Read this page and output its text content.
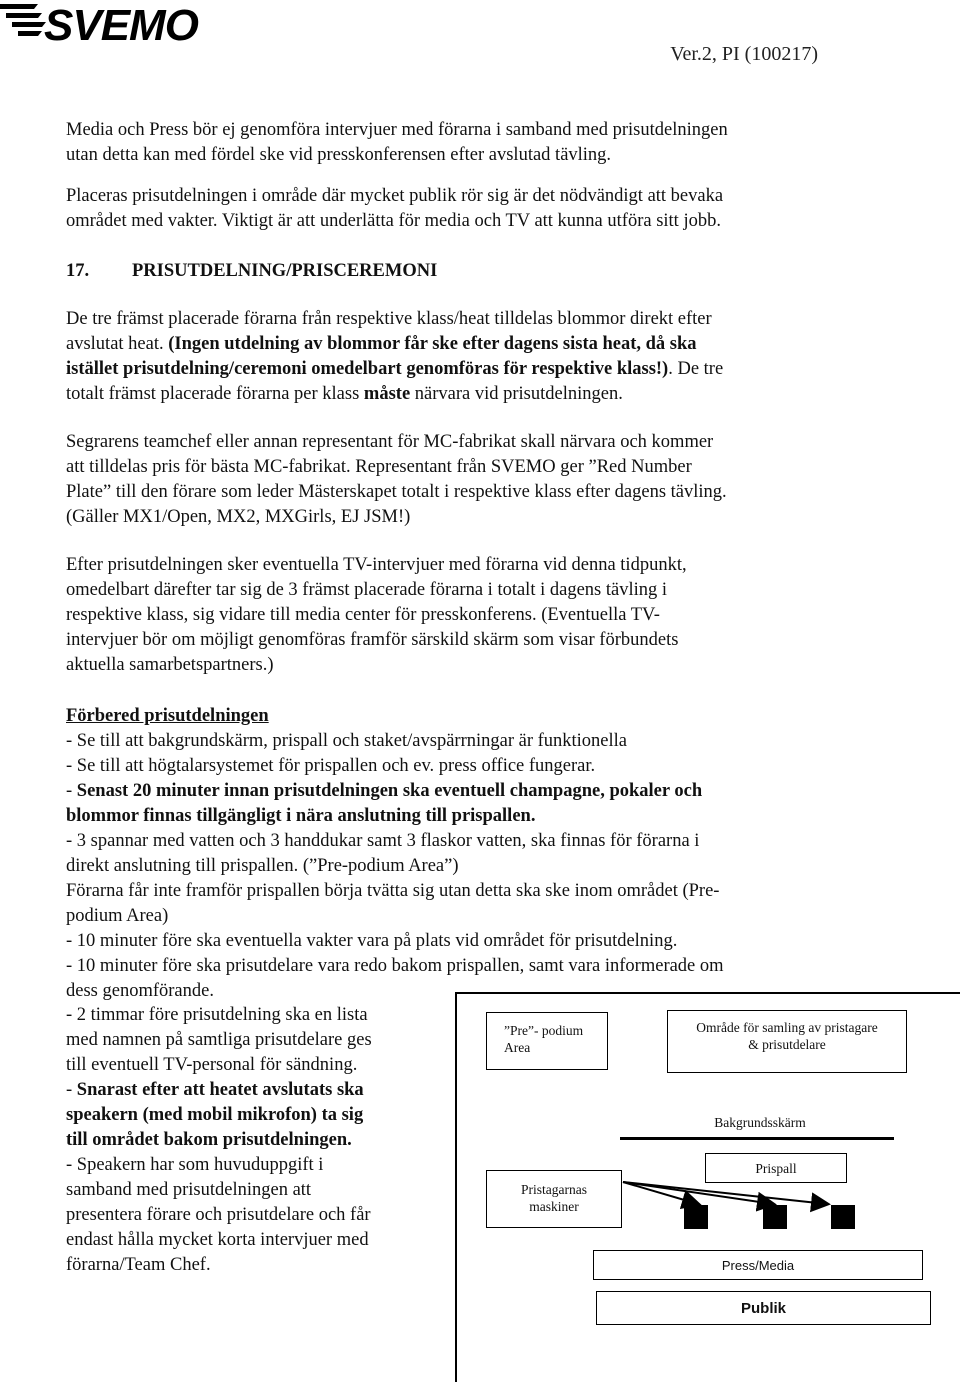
SVEMO
Ver.2, PI (100217)

Media och Press bör ej genomföra intervjuer med förarna i samband med prisutdelningen

utan detta kan med fördel ske vid presskonferensen efter avslutad tävling.

Placeras prisutdelningen i område där mycket publik rör sig är det nödvändigt att bevaka

området med vakter. Viktigt är att underlätta för media och TV att kunna utföra sitt jobb.

17. PRISUTDELNING/PRISCEREMONI

De tre främst placerade förarna från respektive klass/heat tilldelas blommor direkt efter

avslutat heat. (Ingen utdelning av blommor får ske efter dagens sista heat, då ska

istället prisutdelning/ceremoni omedelbart genomföras för respektive klass!). De tre

totalt främst placerade förarna per klass måste närvara vid prisutdelningen.

Segrarens teamchef eller annan representant för MC-fabrikat skall närvara och kommer

att tilldelas pris för bästa MC-fabrikat. Representant från SVEMO ger ”Red Number

Plate” till den förare som leder Mästerskapet totalt i respektive klass efter dagens tävling.

(Gäller MX1/Open, MX2, MXGirls, EJ JSM!)

Efter prisutdelningen sker eventuella TV-intervjuer med förarna vid denna tidpunkt,

omedelbart därefter tar sig de 3 främst placerade förarna i totalt i dagens tävling i

respektive klass, sig vidare till media center för presskonferens. (Eventuella TV-

intervjuer bör om möjligt genomföras framför särskild skärm som visar förbundets

aktuella samarbetspartners.)

Förbered prisutdelningen

- Se till att bakgrundskärm, prispall och staket/avspärrningar är funktionella

- Se till att högtalarsystemet för prispallen och ev. press office fungerar.

- Senast 20 minuter innan prisutdelningen ska eventuell champagne, pokaler och

blommor finnas tillgängligt i nära anslutning till prispallen.

- 3 spannar med vatten och 3 handdukar samt 3 flaskor vatten, ska finnas för förarna i

direkt anslutning till prispallen. (”Pre-podium Area”)

Förarna får inte framför prispallen börja tvätta sig utan detta ska ske inom området (Pre-

podium Area)

- 10 minuter före ska eventuella vakter vara på plats vid området för prisutdelning.

- 10 minuter före ska prisutdelare vara redo bakom prispallen, samt vara informerade om

dess genomförande.

- 2 timmar före prisutdelning ska en lista

med namnen på samtliga prisutdelare ges

till eventuell TV-personal för sändning.

- Snarast efter att heatet avslutats ska

speakern (med mobil mikrofon) ta sig

till området bakom prisutdelningen.

- Speakern har som huvuduppgift i

samband med prisutdelningen att

presentera förare och prisutdelare och får

endast hålla mycket korta intervjuer med

förarna/Team Chef.

”Pre”- podium
Area
Område för samling av pristagare
& prisutdelare
Bakgrundsskärm
Prispall
Pristagarnas
maskiner
Press/Media
Publik
